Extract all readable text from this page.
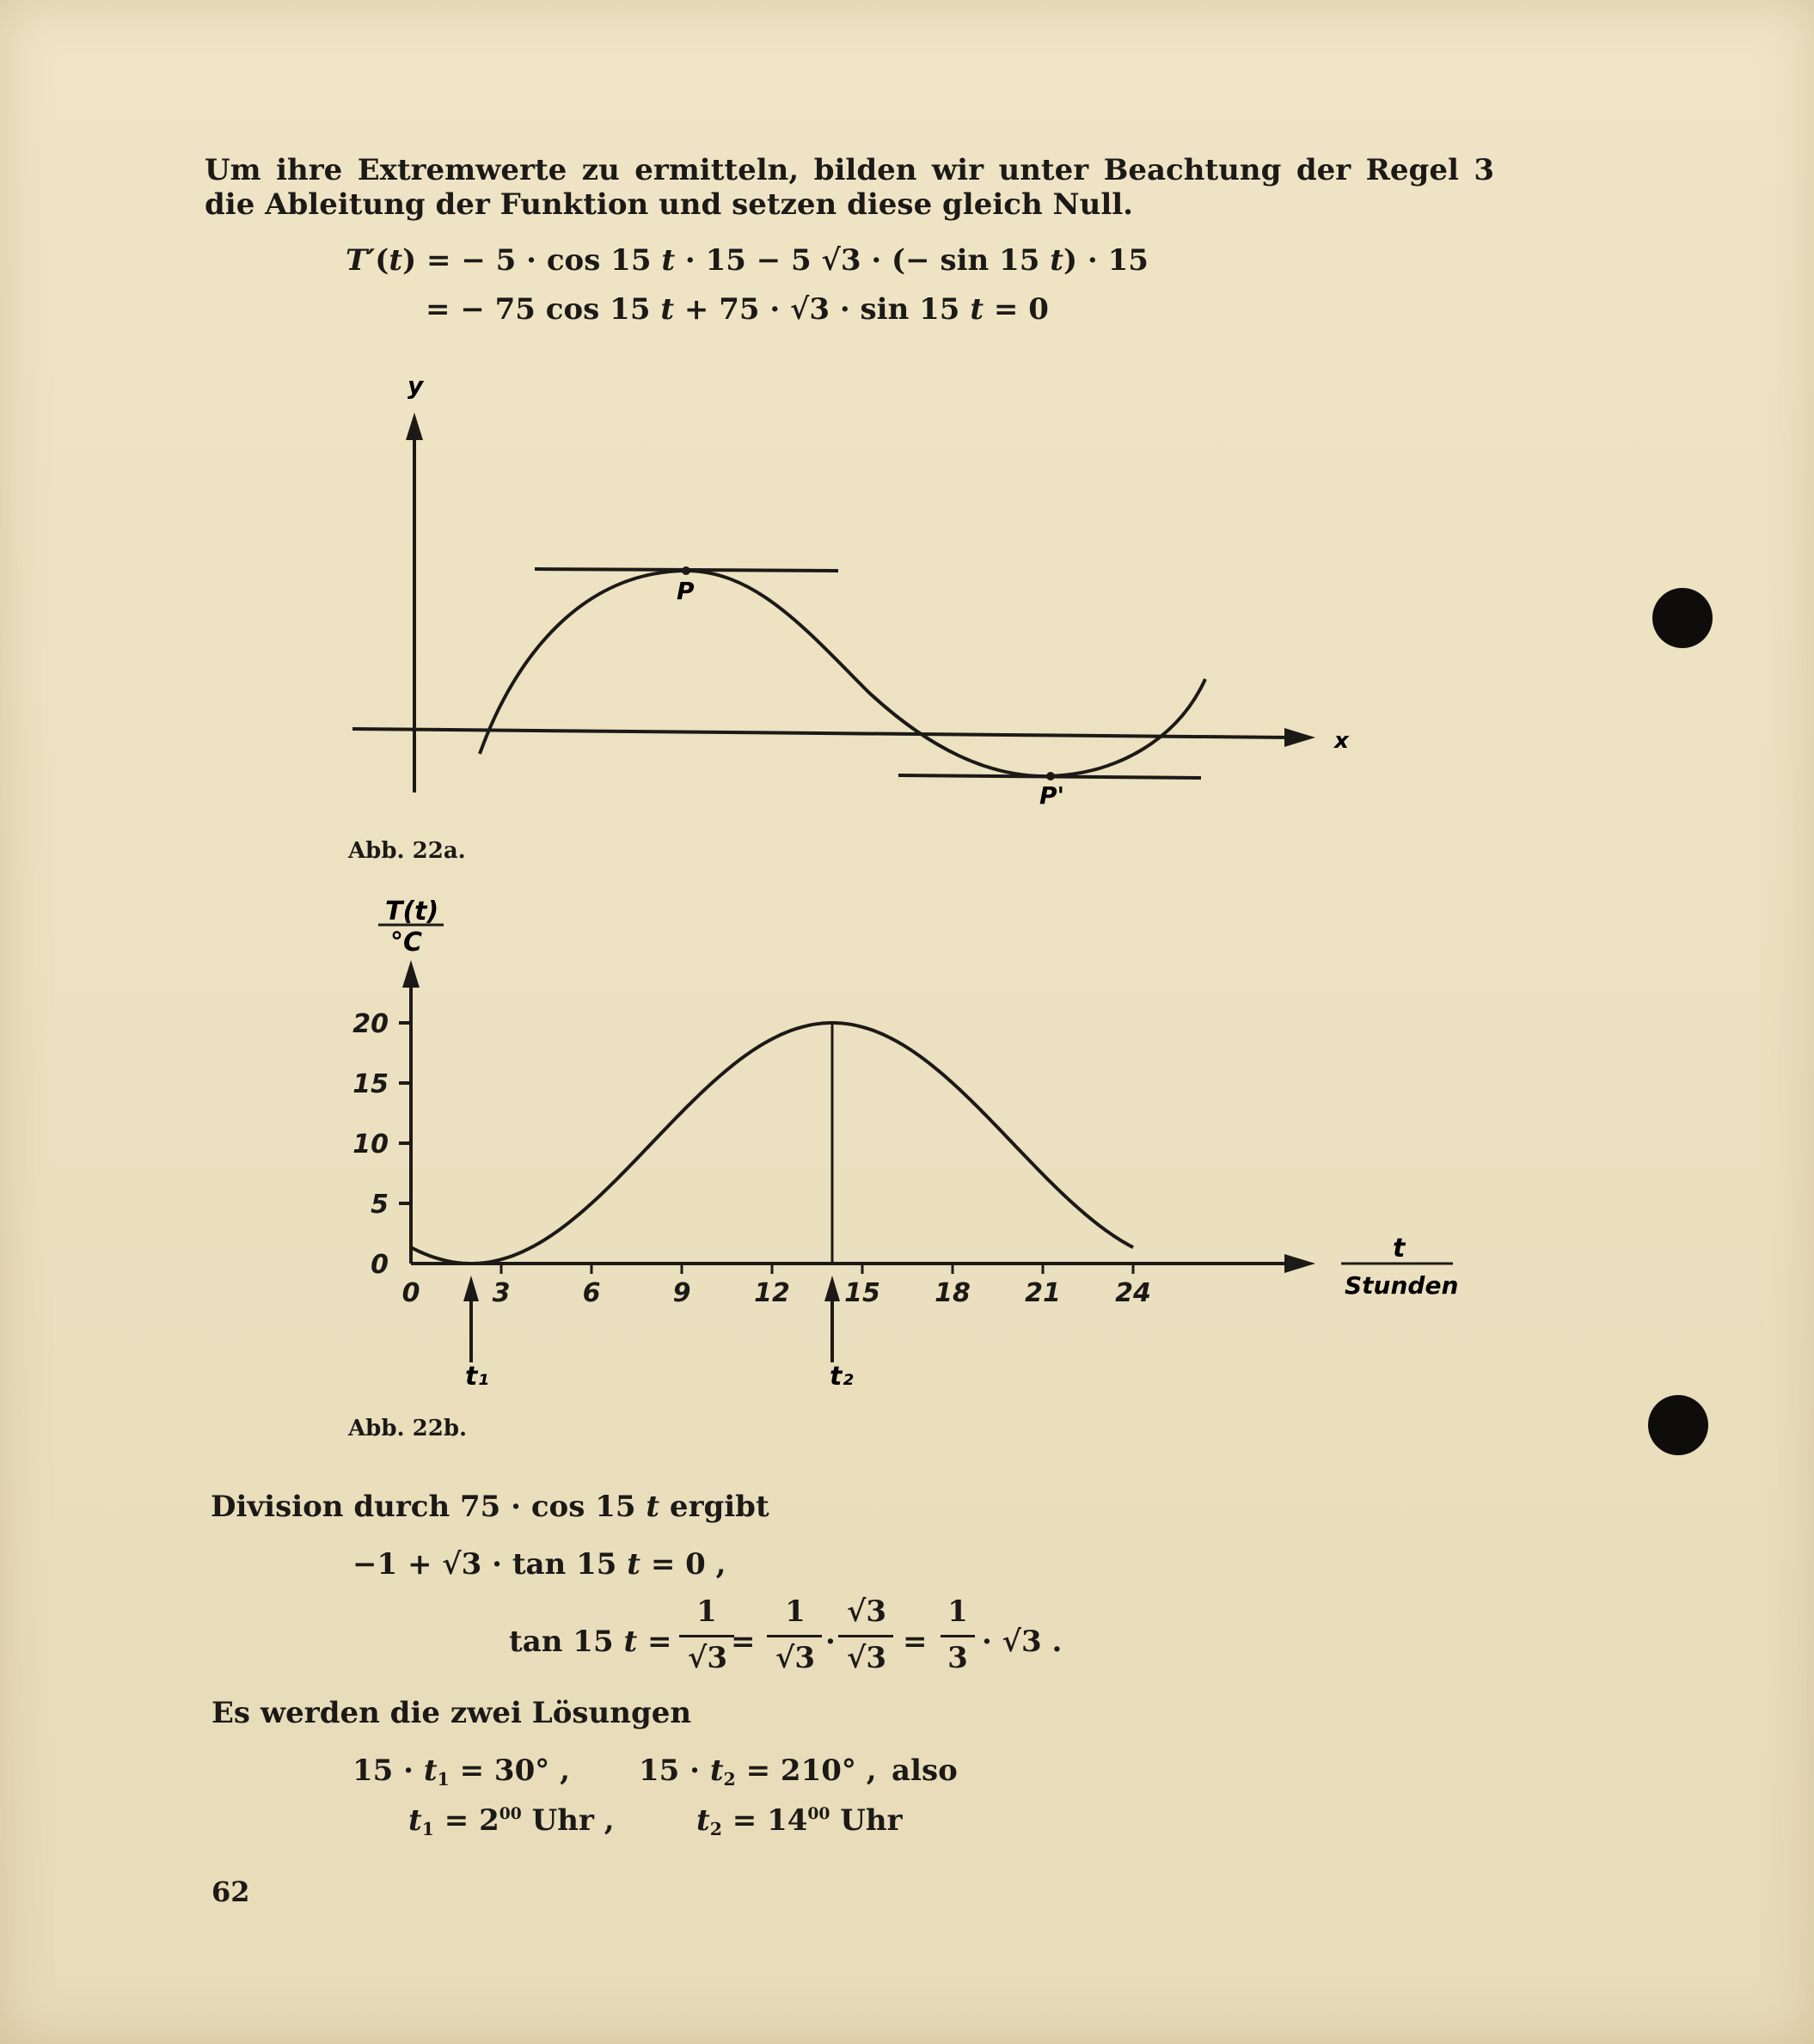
Um ihre Extremwerte zu ermitteln, bilden wir unter Beachtung der Regel 3 die Ableitung der Funktion und setzen diese gleich Null.
T′(t) = − 5 · cos 15 t · 15 − 5 √3 · (− sin 15 t) · 15
= − 75 cos 15 t + 75 · √3 · sin 15 t = 0
y
x
P
P'
Abb. 22a.
0
5
10
15
20
0	3	6	9 12 15 18 21 24
T(t)
°C
t
Stunden
t₁	t₂
Abb. 22b.
Division durch 75 · cos 15 t ergibt
−1 + √3 · tan 15 t = 0 ,
tan 15 t =
1
√3 =
1
√3 ·
√3
√3 =
1
3 · √3 .
Es werden die zwei Lösungen
$15 \cdot t_1 = 30^\circ$ , $15 \cdot t_2 = 210^\circ$ , also
$t_1 = 2^{00}$ Uhr ,	$t_2 = 14^{00}$ Uhr
62
